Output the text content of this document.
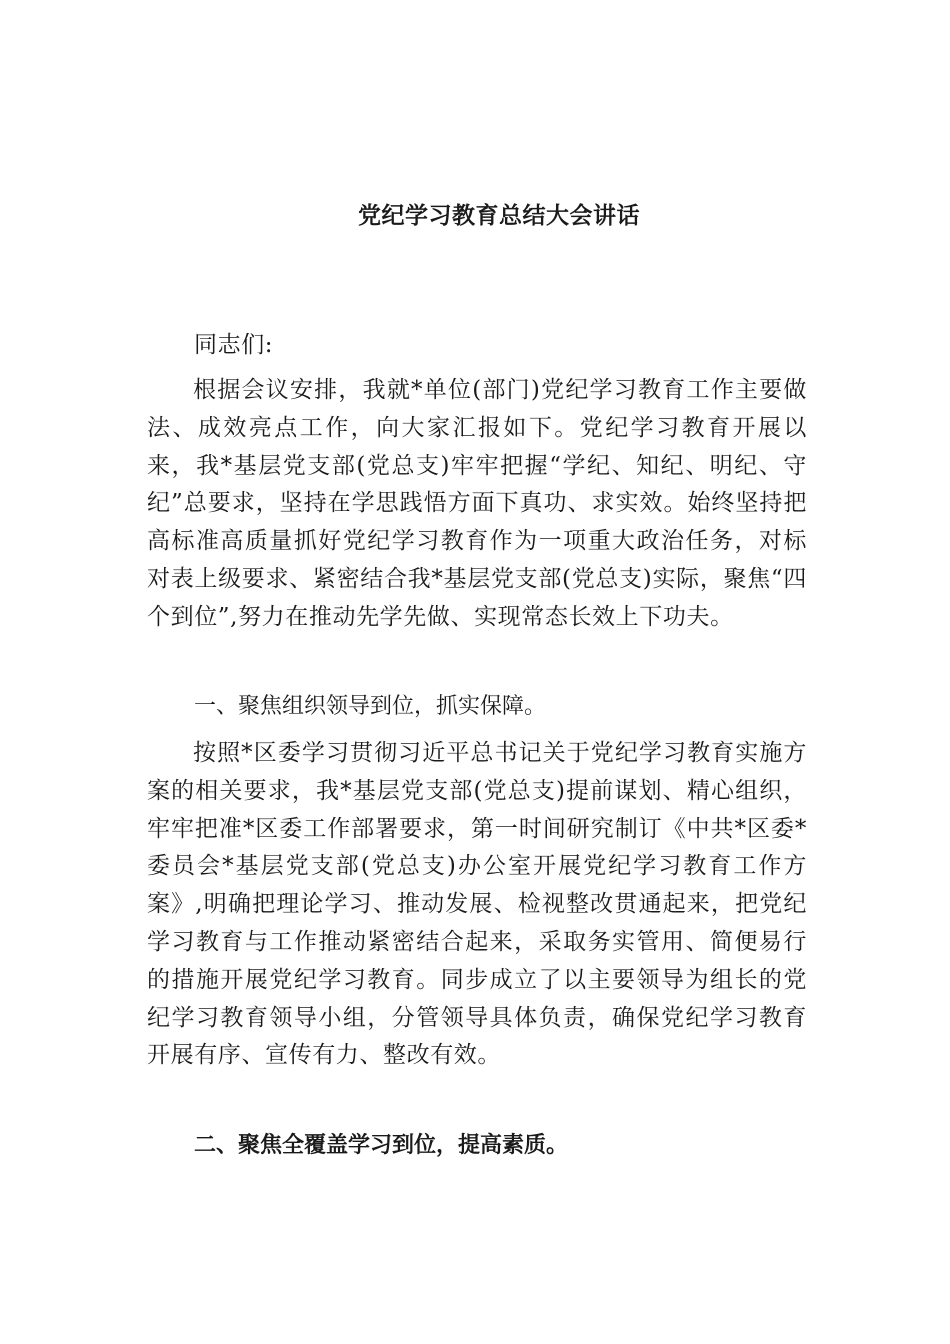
党纪学习教育总结大会讲话

同志们:

根据会议安排，我就*单位(部门)党纪学习教育工作主要做法、成效亮点工作，向大家汇报如下。党纪学习教育开展以来，我*基层党支部(党总支)牢牢把握“学纪、知纪、明纪、守纪”总要求，坚持在学思践悟方面下真功、求实效。始终坚持把高标准高质量抓好党纪学习教育作为一项重大政治任务，对标对表上级要求、紧密结合我*基层党支部(党总支)实际，聚焦“四个到位”,努力在推动先学先做、实现常态长效上下功夫。

一、聚焦组织领导到位，抓实保障。

按照*区委学习贯彻习近平总书记关于党纪学习教育实施方案的相关要求，我*基层党支部(党总支)提前谋划、精心组织，牢牢把准*区委工作部署要求，第一时间研究制订《中共*区委*委员会*基层党支部(党总支)办公室开展党纪学习教育工作方案》,明确把理论学习、推动发展、检视整改贯通起来，把党纪学习教育与工作推动紧密结合起来，采取务实管用、简便易行的措施开展党纪学习教育。同步成立了以主要领导为组长的党纪学习教育领导小组，分管领导具体负责，确保党纪学习教育开展有序、宣传有力、整改有效。

二、聚焦全覆盖学习到位，提高素质。
